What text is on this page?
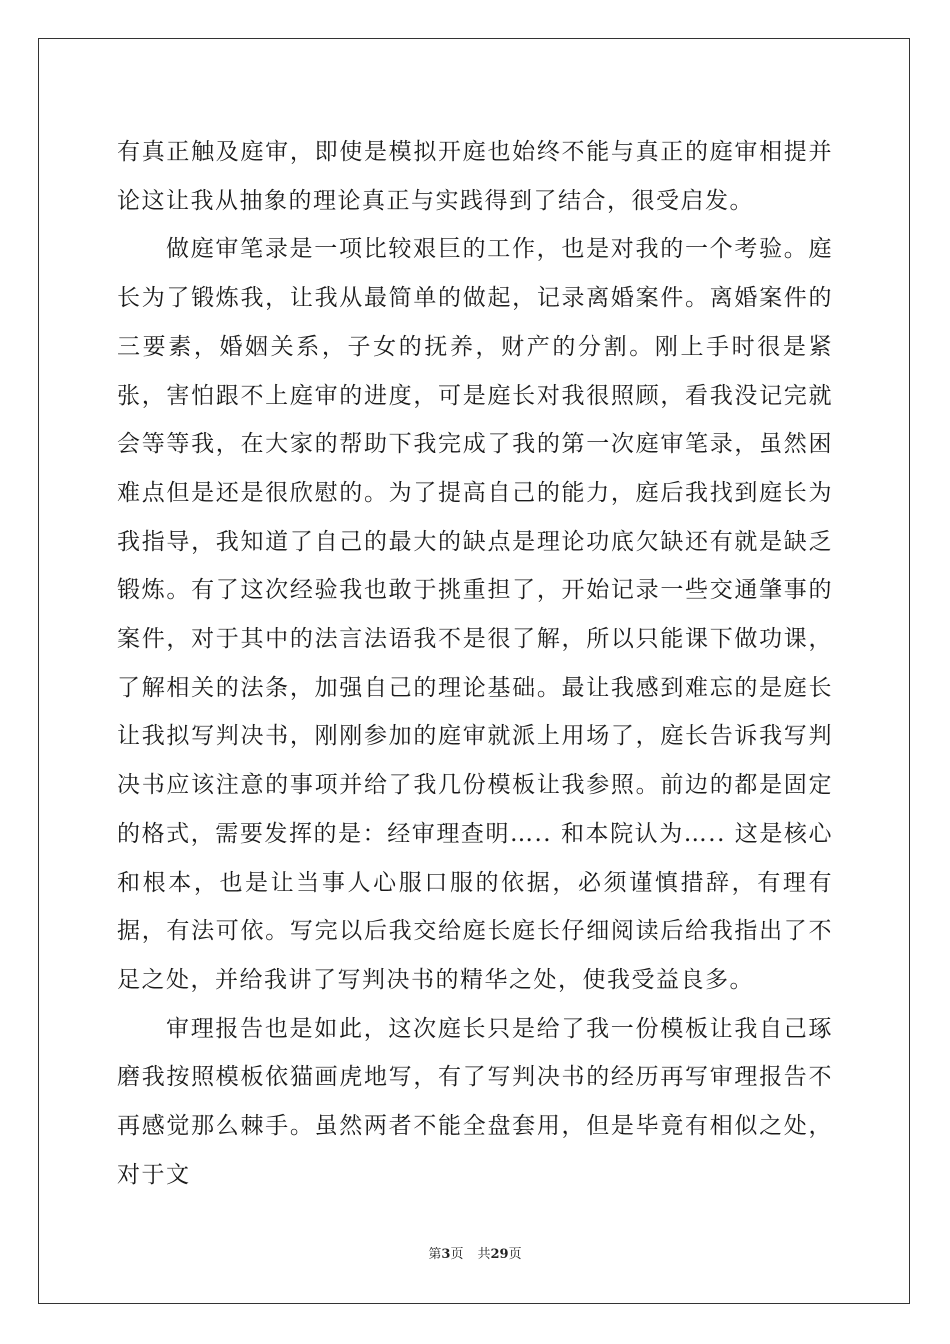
有真正触及庭审，即使是模拟开庭也始终不能与真正的庭审相提并论这让我从抽象的理论真正与实践得到了结合，很受启发。

做庭审笔录是一项比较艰巨的工作，也是对我的一个考验。庭长为了锻炼我，让我从最简单的做起，记录离婚案件。离婚案件的三要素，婚姻关系，子女的抚养，财产的分割。刚上手时很是紧张，害怕跟不上庭审的进度，可是庭长对我很照顾，看我没记完就会等等我，在大家的帮助下我完成了我的第一次庭审笔录，虽然困难点但是还是很欣慰的。为了提高自己的能力，庭后我找到庭长为我指导，我知道了自己的最大的缺点是理论功底欠缺还有就是缺乏锻炼。有了这次经验我也敢于挑重担了，开始记录一些交通肇事的案件，对于其中的法言法语我不是很了解，所以只能课下做功课，了解相关的法条，加强自己的理论基础。最让我感到难忘的是庭长让我拟写判决书，刚刚参加的庭审就派上用场了，庭长告诉我写判决书应该注意的事项并给了我几份模板让我参照。前边的都是固定的格式，需要发挥的是：经审理查明….. 和本院认为….. 这是核心和根本，也是让当事人心服口服的依据，必须谨慎措辞，有理有据，有法可依。写完以后我交给庭长庭长仔细阅读后给我指出了不足之处，并给我讲了写判决书的精华之处，使我受益良多。

审理报告也是如此，这次庭长只是给了我一份模板让我自己琢磨我按照模板依猫画虎地写，有了写判决书的经历再写审理报告不再感觉那么棘手。虽然两者不能全盘套用，但是毕竟有相似之处，对于文

第3页 共29页
